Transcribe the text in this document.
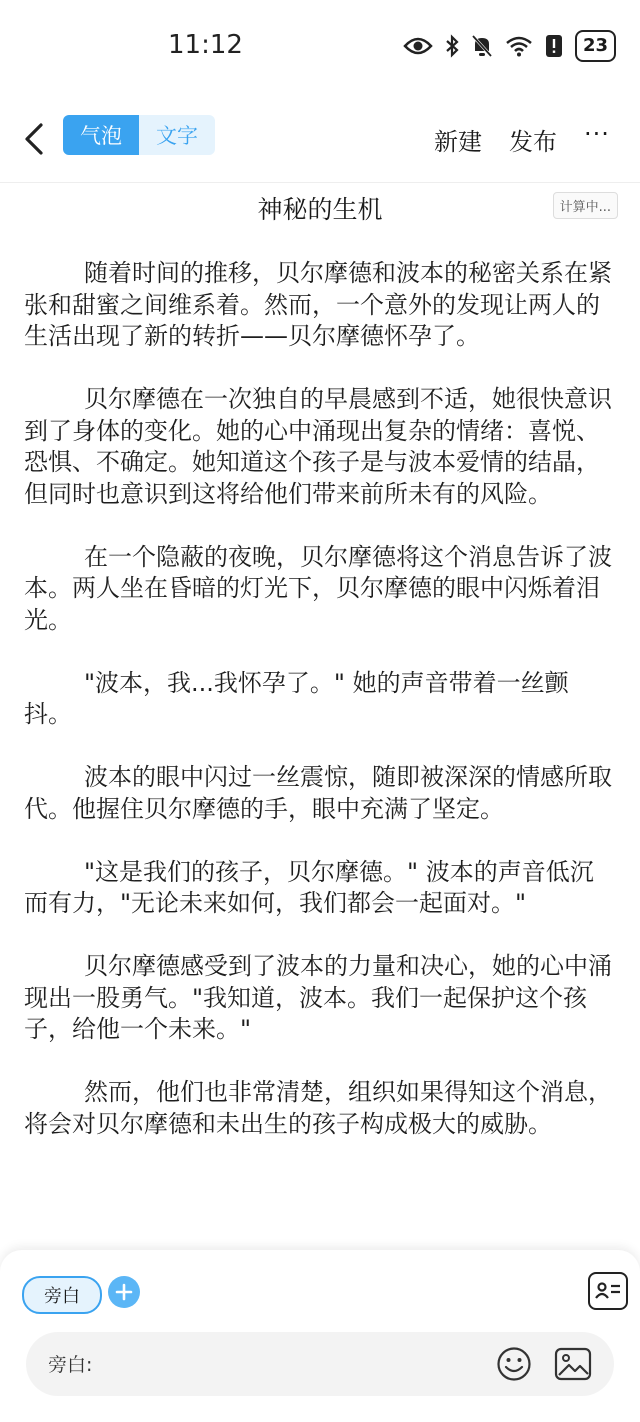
11:12	23
气泡	文字	新建 发布 ···
神秘的生机	计算中...

随着时间的推移，贝尔摩德和波本的秘密关系在紧张和甜蜜之间维系着。然而，一个意外的发现让两人的生活出现了新的转折——贝尔摩德怀孕了。

贝尔摩德在一次独自的早晨感到不适，她很快意识到了身体的变化。她的心中涌现出复杂的情绪：喜悦、恐惧、不确定。她知道这个孩子是与波本爱情的结晶，但同时也意识到这将给他们带来前所未有的风险。

在一个隐蔽的夜晚，贝尔摩德将这个消息告诉了波本。两人坐在昏暗的灯光下，贝尔摩德的眼中闪烁着泪光。

"波本，我...我怀孕了。" 她的声音带着一丝颤抖。

波本的眼中闪过一丝震惊，随即被深深的情感所取代。他握住贝尔摩德的手，眼中充满了坚定。

"这是我们的孩子，贝尔摩德。" 波本的声音低沉而有力，"无论未来如何，我们都会一起面对。"

贝尔摩德感受到了波本的力量和决心，她的心中涌现出一股勇气。"我知道，波本。我们一起保护这个孩子，给他一个未来。"

然而，他们也非常清楚，组织如果得知这个消息，将会对贝尔摩德和未出生的孩子构成极大的威胁。

旁白
旁白:
